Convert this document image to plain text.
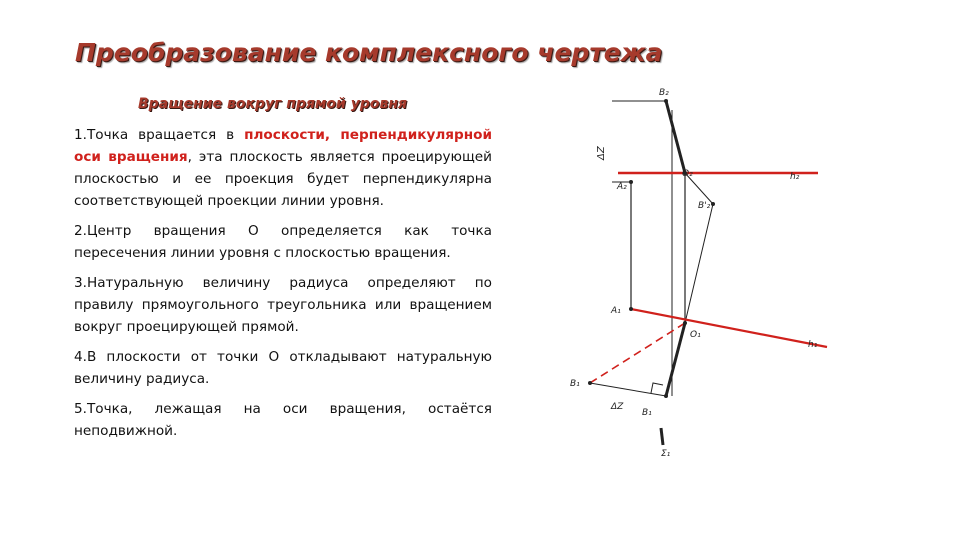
Преобразование комплексного чертежа
Вращение вокруг прямой уровня

1.Точка вращается в плоскости, перпендикулярной оси вращения, эта плоскость является проецирующей плоскостью и ее проекция будет перпендикулярна соответствующей проекции линии уровня.

2.Центр вращения О определяется как точка пересечения линии уровня с плоскостью вращения.

3.Натуральную величину радиуса определяют по правилу прямоугольного треугольника или вращением вокруг проецирующей прямой.

4.В плоскости от точки О откладывают натуральную величину радиуса.

5.Точка, лежащая на оси вращения, остаётся неподвижной.

B₂
ΔZ
O₂	h₂
A₂
B'₂
A₁
O₁
h₁
B₁
ΔZ
B₁
Σ₁
